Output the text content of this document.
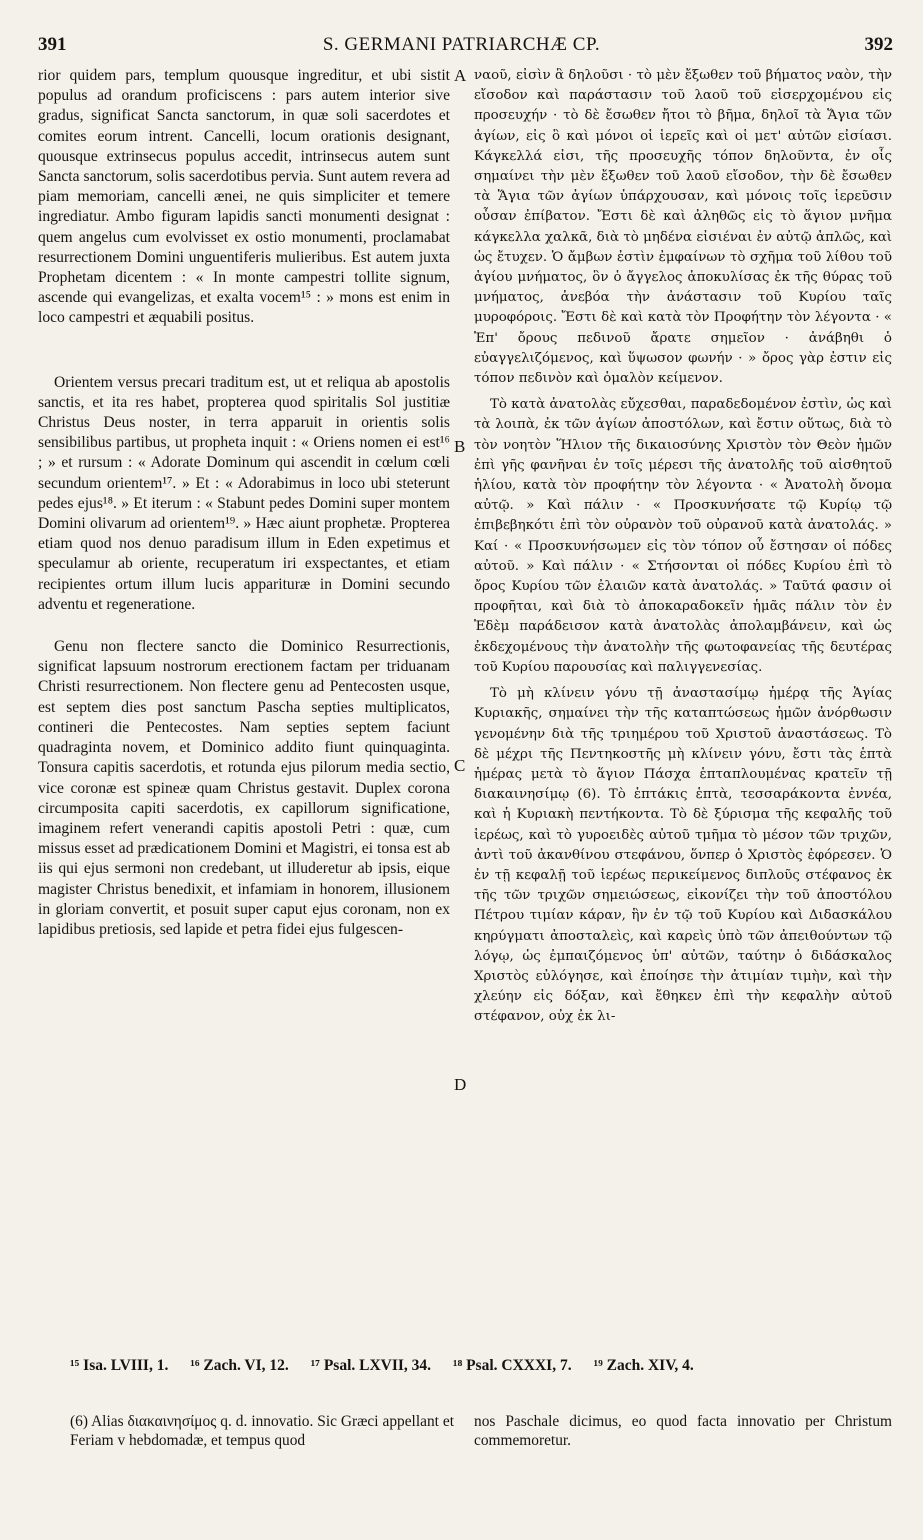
391	S. GERMANI PATRIARCHÆ CP.	392
A
B
C
D

rior quidem pars, templum quousque ingreditur, et ubi sistit populus ad orandum proficiscens : pars autem interior sive gradus, significat Sancta sanctorum, in quæ soli sacerdotes et comites eorum intrent. Cancelli, locum orationis designant, quousque extrinsecus populus accedit, intrinsecus autem sunt Sancta sanctorum, solis sacerdotibus pervia. Sunt autem revera ad piam memoriam, cancelli ænei, ne quis simpliciter et temere ingrediatur. Ambo figuram lapidis sancti monumenti designat : quem angelus cum evolvisset ex ostio monumenti, proclamabat resurrectionem Domini unguentiferis mulieribus. Est autem juxta Prophetam dicentem : « In monte campestri tollite signum, ascende qui evangelizas, et exalta vocem¹⁵ : » mons est enim in loco campestri et æquabili positus.

Orientem versus precari traditum est, ut et reliqua ab apostolis sanctis, et ita res habet, propterea quod spiritalis Sol justitiæ Christus Deus noster, in terra apparuit in orientis solis sensibilibus partibus, ut propheta inquit : « Oriens nomen ei est¹⁶ ; » et rursum : « Adorate Dominum qui ascendit in cœlum cœli secundum orientem¹⁷. » Et : « Adorabimus in loco ubi steterunt pedes ejus¹⁸. » Et iterum : « Stabunt pedes Domini super montem Domini olivarum ad orientem¹⁹. » Hæc aiunt prophetæ. Propterea etiam quod nos denuo paradisum illum in Eden expetimus et speculamur ab oriente, recuperatum iri exspectantes, et etiam recipientes ortum illum lucis apparituræ in Domini secundo adventu et regeneratione.

Genu non flectere sancto die Dominico Resurrectionis, significat lapsuum nostrorum erectionem factam per triduanam Christi resurrectionem. Non flectere genu ad Pentecosten usque, est septem dies post sanctum Pascha septies multiplicatos, contineri die Pentecostes. Nam septies septem faciunt quadraginta novem, et Dominico addito fiunt quinquaginta. Tonsura capitis sacerdotis, et rotunda ejus pilorum media sectio, vice coronæ est spineæ quam Christus gestavit. Duplex corona circumposita capiti sacerdotis, ex capillorum significatione, imaginem refert venerandi capitis apostoli Petri : quæ, cum missus esset ad prædicationem Domini et Magistri, ei tonsa est ab iis qui ejus sermoni non credebant, ut illuderetur ab ipsis, eique magister Christus benedixit, et infamiam in honorem, illusionem in gloriam convertit, et posuit super caput ejus coronam, non ex lapidibus pretiosis, sed lapide et petra fidei ejus fulgescen-

ναοῦ, εἰσὶν ἃ δηλοῦσι · τὸ μὲν ἔξωθεν τοῦ βήματος ναὸν, τὴν εἴσοδον καὶ παράστασιν τοῦ λαοῦ τοῦ εἰσερχομένου εἰς προσευχήν · τὸ δὲ ἔσωθεν ἤτοι τὸ βῆμα, δηλοῖ τὰ Ἅγια τῶν ἁγίων, εἰς ὃ καὶ μόνοι οἱ ἱερεῖς καὶ οἱ μετ' αὐτῶν εἰσίασι. Κάγκελλά εἰσι, τῆς προσευχῆς τόπον δηλοῦντα, ἐν οἷς σημαίνει τὴν μὲν ἔξωθεν τοῦ λαοῦ εἴσοδον, τὴν δὲ ἔσωθεν τὰ Ἅγια τῶν ἁγίων ὑπάρχουσαν, καὶ μόνοις τοῖς ἱερεῦσιν οὖσαν ἐπίβατον. Ἔστι δὲ καὶ ἀληθῶς εἰς τὸ ἅγιον μνῆμα κάγκελλα χαλκᾶ, διὰ τὸ μηδένα εἰσιέναι ἐν αὐτῷ ἁπλῶς, καὶ ὡς ἔτυχεν. Ὁ ἄμβων ἐστὶν ἐμφαίνων τὸ σχῆμα τοῦ λίθου τοῦ ἁγίου μνήματος, ὃν ὁ ἄγγελος ἀποκυλίσας ἐκ τῆς θύρας τοῦ μνήματος, ἀνεβόα τὴν ἀνάστασιν τοῦ Κυρίου ταῖς μυροφόροις. Ἔστι δὲ καὶ κατὰ τὸν Προφήτην τὸν λέγοντα · « Ἐπ' ὄρους πεδινοῦ ἄρατε σημεῖον · ἀνάβηθι ὁ εὐαγγελιζόμενος, καὶ ὕψωσον φωνήν · » ὄρος γὰρ ἐστιν εἰς τόπον πεδινὸν καὶ ὁμαλὸν κείμενον.

Τὸ κατὰ ἀνατολὰς εὔχεσθαι, παραδεδομένον ἐστὶν, ὡς καὶ τὰ λοιπὰ, ἐκ τῶν ἁγίων ἀποστόλων, καὶ ἔστιν οὕτως, διὰ τὸ τὸν νοητὸν Ἥλιον τῆς δικαιοσύνης Χριστὸν τὸν Θεὸν ἡμῶν ἐπὶ γῆς φανῆναι ἐν τοῖς μέρεσι τῆς ἀνατολῆς τοῦ αἰσθητοῦ ἡλίου, κατὰ τὸν προφήτην τὸν λέγοντα · « Ἀνατολὴ ὄνομα αὐτῷ. » Καὶ πάλιν · « Προσκυνήσατε τῷ Κυρίῳ τῷ ἐπιβεβηκότι ἐπὶ τὸν οὐρανὸν τοῦ οὐρανοῦ κατὰ ἀνατολάς. » Καί · « Προσκυνήσωμεν εἰς τὸν τόπον οὗ ἔστησαν οἱ πόδες αὐτοῦ. » Καὶ πάλιν · « Στήσονται οἱ πόδες Κυρίου ἐπὶ τὸ ὄρος Κυρίου τῶν ἐλαιῶν κατὰ ἀνατολάς. » Ταῦτά φασιν οἱ προφῆται, καὶ διὰ τὸ ἀποκαραδοκεῖν ἡμᾶς πάλιν τὸν ἐν Ἐδὲμ παράδεισον κατὰ ἀνατολὰς ἀπολαμβάνειν, καὶ ὡς ἐκδεχομένους τὴν ἀνατολὴν τῆς φωτοφανείας τῆς δευτέρας τοῦ Κυρίου παρουσίας καὶ παλιγγενεσίας.

Τὸ μὴ κλίνειν γόνυ τῇ ἀναστασίμῳ ἡμέρᾳ τῆς Ἁγίας Κυριακῆς, σημαίνει τὴν τῆς καταπτώσεως ἡμῶν ἀνόρθωσιν γενομένην διὰ τῆς τριημέρου τοῦ Χριστοῦ ἀναστάσεως. Τὸ δὲ μέχρι τῆς Πεντηκοστῆς μὴ κλίνειν γόνυ, ἔστι τὰς ἑπτὰ ἡμέρας μετὰ τὸ ἅγιον Πάσχα ἑπταπλουμένας κρατεῖν τῇ διακαινησίμῳ (6). Τὸ ἑπτάκις ἑπτὰ, τεσσαράκοντα ἐννέα, καὶ ἡ Κυριακὴ πεντήκοντα. Τὸ δὲ ξύρισμα τῆς κεφαλῆς τοῦ ἱερέως, καὶ τὸ γυροειδὲς αὐτοῦ τμῆμα τὸ μέσον τῶν τριχῶν, ἀντὶ τοῦ ἀκανθίνου στεφάνου, ὅνπερ ὁ Χριστὸς ἐφόρεσεν. Ὁ ἐν τῇ κεφαλῇ τοῦ ἱερέως περικείμενος διπλοῦς στέφανος ἐκ τῆς τῶν τριχῶν σημειώσεως, εἰκονίζει τὴν τοῦ ἀποστόλου Πέτρου τιμίαν κάραν, ἣν ἐν τῷ τοῦ Κυρίου καὶ Διδασκάλου κηρύγματι ἀποσταλεὶς, καὶ καρεὶς ὑπὸ τῶν ἀπειθούντων τῷ λόγῳ, ὡς ἐμπαιζόμενος ὑπ' αὐτῶν, ταύτην ὁ διδάσκαλος Χριστὸς εὐλόγησε, καὶ ἐποίησε τὴν ἀτιμίαν τιμὴν, καὶ τὴν χλεύην εἰς δόξαν, καὶ ἔθηκεν ἐπὶ τὴν κεφαλὴν αὐτοῦ στέφανον, οὐχ ἐκ λι-

¹⁵ Isa. LVIII, 1. ¹⁶ Zach. VI, 12. ¹⁷ Psal. LXVII, 34. ¹⁸ Psal. CXXXI, 7. ¹⁹ Zach. XIV, 4.
(6) Alias διακαινησίμος q. d. innovatio. Sic Græci appellant et Feriam v hebdomadæ, et tempus quod
nos Paschale dicimus, eo quod facta innovatio per Christum commemoretur.
